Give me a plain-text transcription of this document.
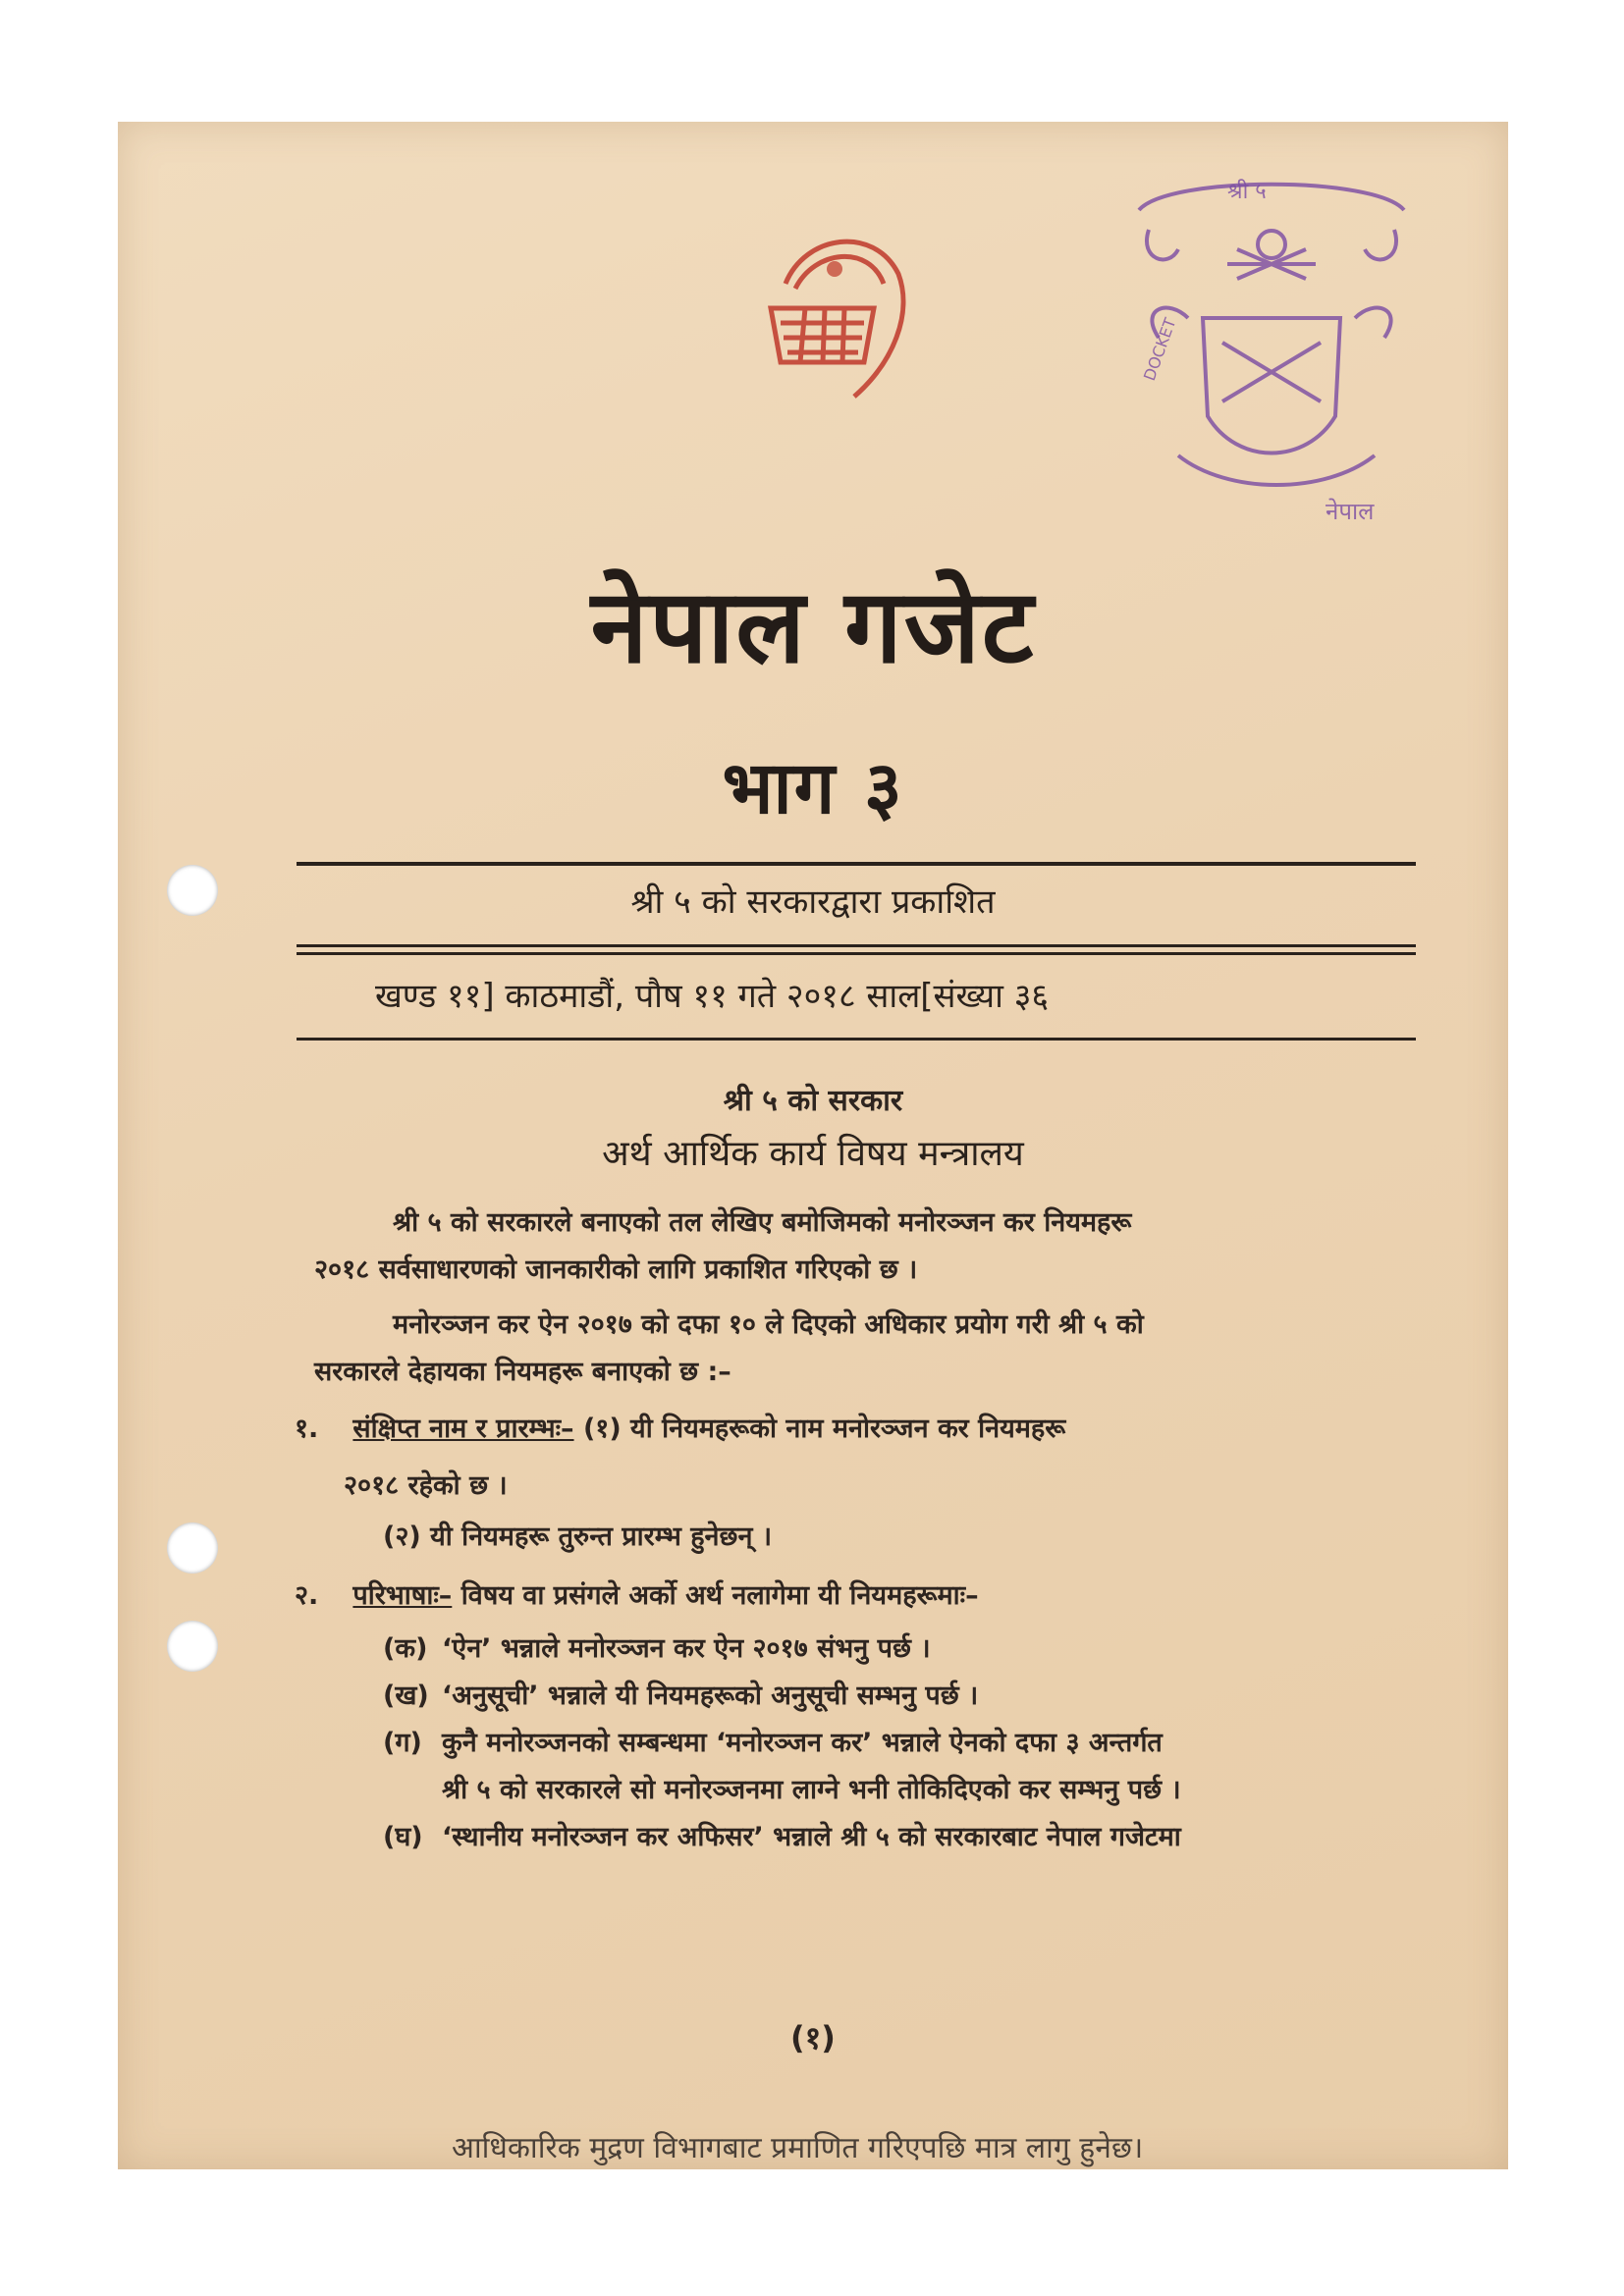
DOCKET
श्री ५
नेपाल
नेपाल गजेट
भाग ३
श्री ५ को सरकारद्वारा प्रकाशित
खण्ड ११] काठमाडौं, पौष ११ गते २०१८ साल[संख्या ३६
श्री ५ को सरकार
अर्थ आर्थिक कार्य विषय मन्त्रालय
श्री ५ को सरकारले बनाएको तल लेखिए बमोजिमको मनोरञ्जन कर नियमहरू
२०१८ सर्वसाधारणको जानकारीको लागि प्रकाशित गरिएको छ ।
मनोरञ्जन कर ऐन २०१७ को दफा १० ले दिएको अधिकार प्रयोग गरी श्री ५ को
सरकारले देहायका नियमहरू बनाएको छ :–
१. संक्षिप्त नाम र प्रारम्भः– (१) यी नियमहरूको नाम मनोरञ्जन कर नियमहरू
२०१८ रहेको छ ।
(२) यी नियमहरू तुरुन्त प्रारम्भ हुनेछन् ।
२. परिभाषाः– विषय वा प्रसंगले अर्को अर्थ नलागेमा यी नियमहरूमाः–
(क) ‘ऐन’ भन्नाले मनोरञ्जन कर ऐन २०१७ संभनु पर्छ ।
(ख) ‘अनुसूची’ भन्नाले यी नियमहरूको अनुसूची सम्भनु पर्छ ।
(ग) कुनै मनोरञ्जनको सम्बन्धमा ‘मनोरञ्जन कर’ भन्नाले ऐनको दफा ३ अन्तर्गत
श्री ५ को सरकारले सो मनोरञ्जनमा लाग्ने भनी तोकिदिएको कर सम्भनु पर्छ ।
(घ) ‘स्थानीय मनोरञ्जन कर अफिसर’ भन्नाले श्री ५ को सरकारबाट नेपाल गजेटमा
(१)
आधिकारिक मुद्रण विभागबाट प्रमाणित गरिएपछि मात्र लागु हुनेछ।
